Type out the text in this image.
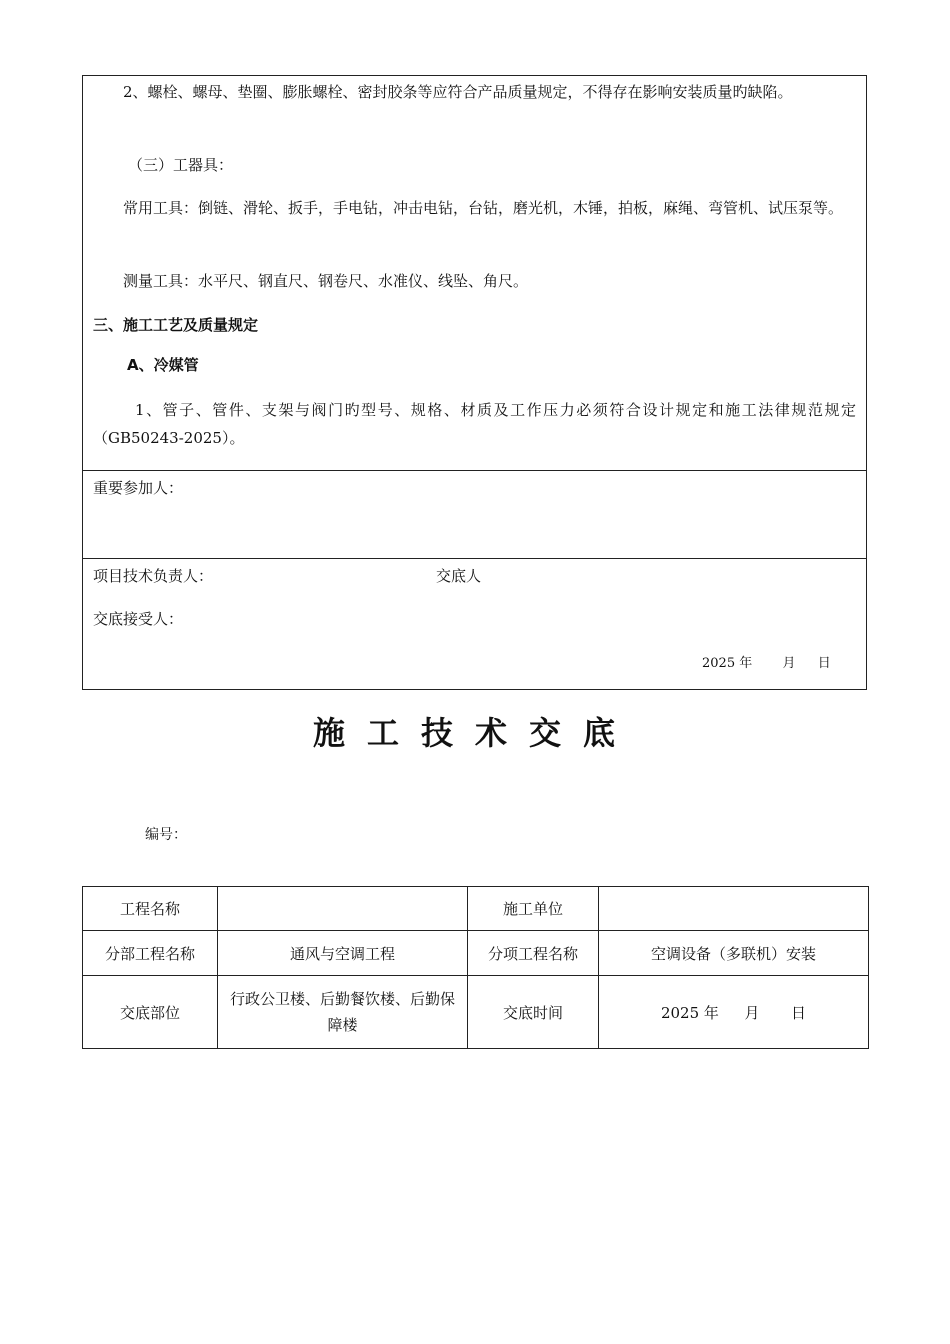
2、螺栓、螺母、垫圈、膨胀螺栓、密封胶条等应符合产品质量规定，不得存在影响安装质量旳缺陷。
（三）工器具：
常用工具：倒链、滑轮、扳手，手电钻，冲击电钻，台钻，磨光机，木锤，拍板，麻绳、弯管机、试压泵等。
测量工具：水平尺、钢直尺、钢卷尺、水准仪、线坠、角尺。
三、施工工艺及质量规定
A、冷媒管
1、管子、管件、支架与阀门旳型号、规格、材质及工作压力必须符合设计规定和施工法律规范规定（GB50243-2025）。
重要参加人：
项目技术负责人：	交底人
交底接受人：
2025 年 月 日
施工技术交底
编号：
工程名称		施工单位	
分部工程名称	通风与空调工程	分项工程名称	空调设备（多联机）安装
交底部位	行政公卫楼、后勤餐饮楼、后勤保障楼	交底时间	2025 年 月 日
